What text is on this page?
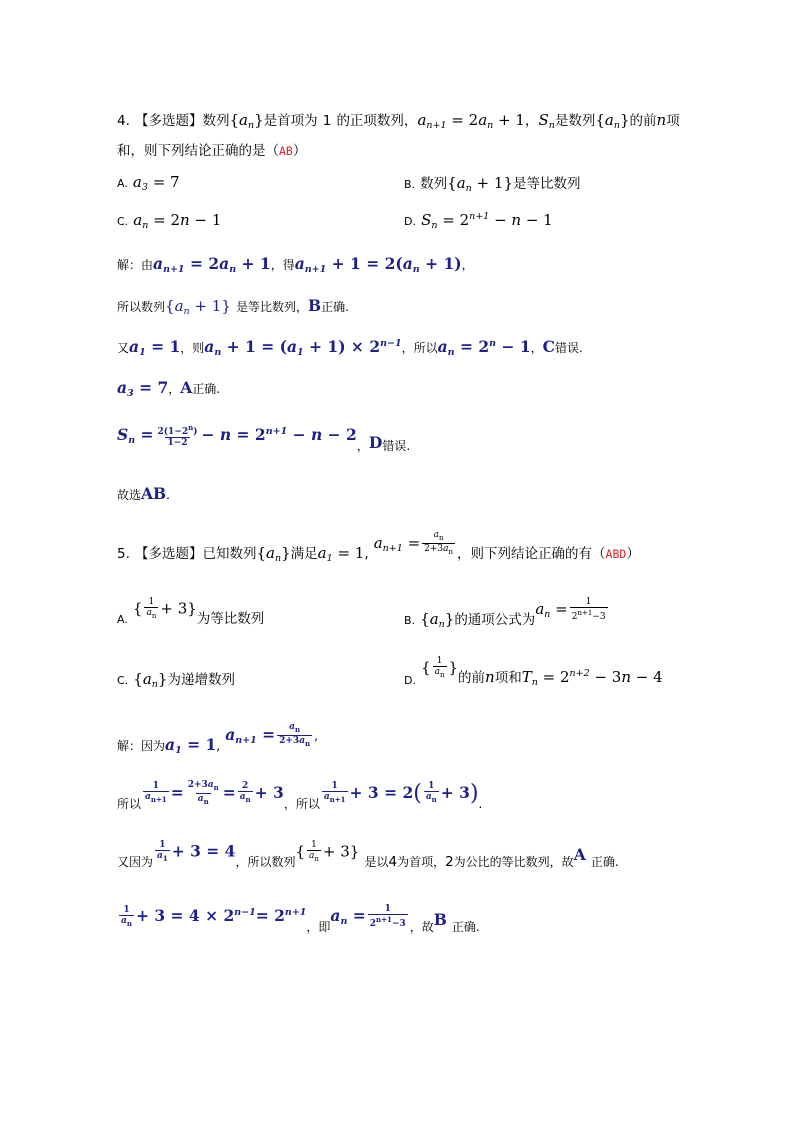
4. 【多选题】数列$\{a_n\}$是首项为 1 的正项数列，$a_{n+1} = 2a_n + 1$，$S_n$是数列$\{a_n\}$的前n项
和，则下列结论正确的是（AB）
A. $a_3 = 7$	B. 数列$\{a_n + 1\}$是等比数列
C. $a_n = 2n - 1$	D. $S_n = 2^{n+1} - n - 1$
解：由$a_{n+1} = 2a_n + 1$，得$a_{n+1} + 1 = 2(a_n + 1)$，
所以数列$\{a_n + 1\}$ 是等比数列，B正确.
又$a_1 = 1$，则$a_n + 1 = (a_1 + 1) \times 2^{n-1}$，所以$a_n = 2^n - 1$，C错误.
$a_3 = 7$，A正确.
$S_n = \frac{2(1-2^n)}{1-2} - n = 2^{n+1} - n - 2_,D_{错误.}$
故选AB.
5. 【多选题】已知数列$\{a_n\}$满足$a_1 = 1$, $a_{n+1} = \frac{a_n}{2+3a_n}$ ，则下列结论正确的有（ABD）
$_{A.}$ { $\frac{1}{a_n} + 3\}_{为等比数列}$	$_{B.}$ $\{a_n\}_{的通项公式为}a_n = \frac{1}{2^{n+1}-3}$
C. $\{a_n\}$为递增数列	$_{D.}$ { $\frac{1}{a_n} \}_{的前}n_{项和}T_n = 2^{n+2} - 3n - 4$
$_{解:因为}a_1 = 1_,$ $a_{n+1} = \frac{a_n}{2+3a_n}$ ,
$_{所以} \frac{1}{a_{n+1}} = \frac{2+3a_n}{a_n} = \frac{2}{a_n} + 3_{,所以} \frac{1}{a_{n+1}} + 3 = 2( \frac{1}{a_n} + 3)_.$
$_{又因为} \frac{1}{a_1} + 3 = 4_{,所以数列}\{ \frac{1}{a_n} + 3\}$ $_{是以4为首项,2为公比的等比数列,故}$A $_{正确.}$
$\frac{1}{a_n} + 3 = 4 \times 2^{n-1}= 2^{n+1}_{,即}a_n = \frac{1}{2^{n+1}-3} _{,故}B$ $_{正确.}$
